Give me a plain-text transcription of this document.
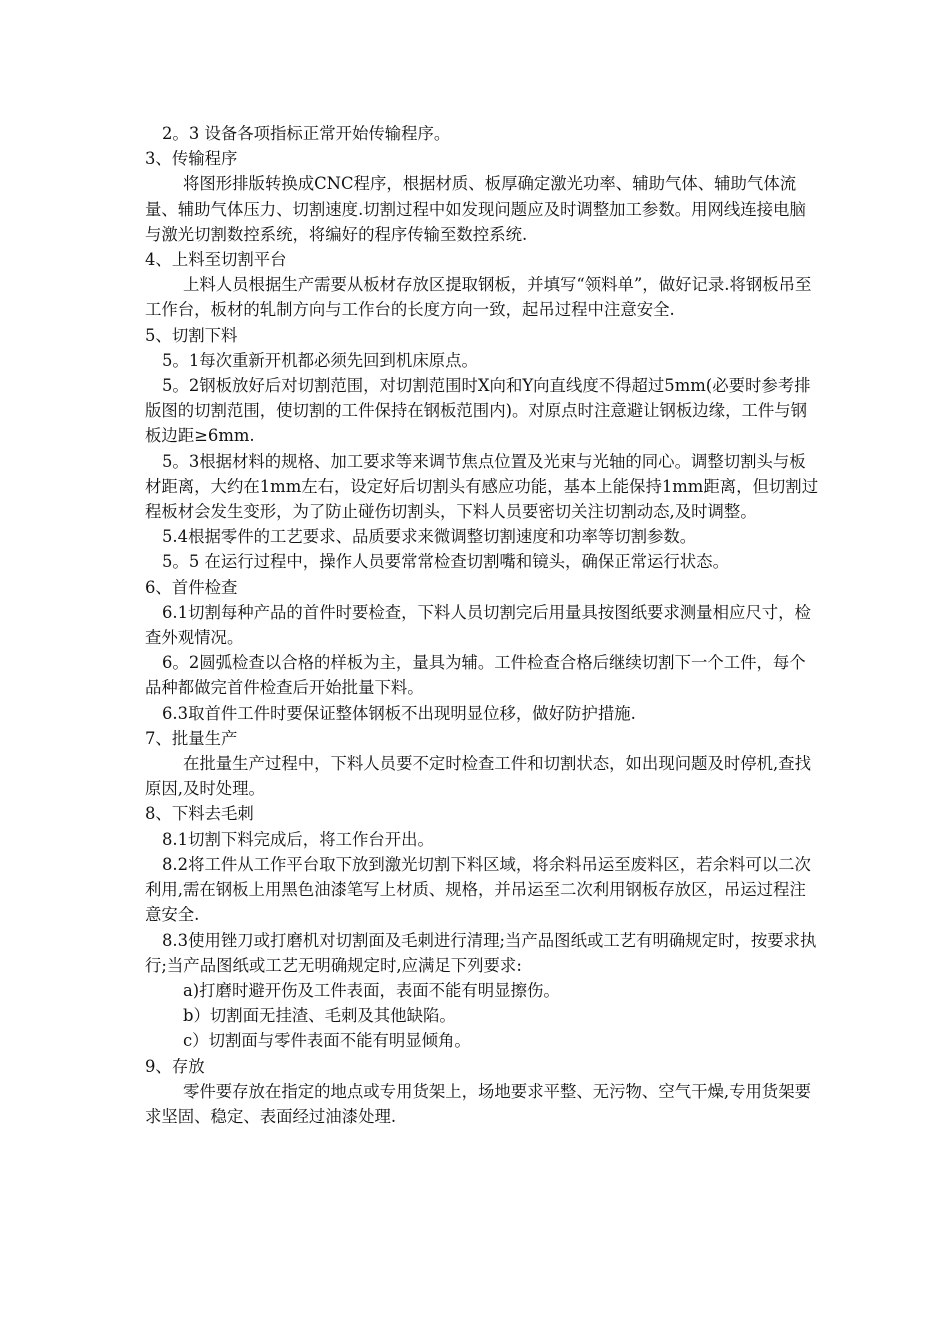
2。3 设备各项指标正常开始传输程序。

3、传输程序

将图形排版转换成CNC程序，根据材质、板厚确定激光功率、辅助气体、辅助气体流量、辅助气体压力、切割速度.切割过程中如发现问题应及时调整加工参数。用网线连接电脑与激光切割数控系统，将编好的程序传输至数控系统.

4、上料至切割平台

上料人员根据生产需要从板材存放区提取钢板，并填写“领料单”，做好记录.将钢板吊至工作台，板材的轧制方向与工作台的长度方向一致，起吊过程中注意安全.

5、切割下料

5。1每次重新开机都必须先回到机床原点。

5。2钢板放好后对切割范围，对切割范围时X向和Y向直线度不得超过5mm(必要时参考排版图的切割范围，使切割的工件保持在钢板范围内)。对原点时注意避让钢板边缘，工件与钢板边距≥6mm.

5。3根据材料的规格、加工要求等来调节焦点位置及光束与光轴的同心。调整切割头与板材距离，大约在1mm左右，设定好后切割头有感应功能，基本上能保持1mm距离，但切割过程板材会发生变形，为了防止碰伤切割头，下料人员要密切关注切割动态,及时调整。

5.4根据零件的工艺要求、品质要求来微调整切割速度和功率等切割参数。

5。5 在运行过程中，操作人员要常常检查切割嘴和镜头，确保正常运行状态。

6、首件检查

6.1切割每种产品的首件时要检查，下料人员切割完后用量具按图纸要求测量相应尺寸，检查外观情况。

6。2圆弧检查以合格的样板为主，量具为辅。工件检查合格后继续切割下一个工件，每个品种都做完首件检查后开始批量下料。

6.3取首件工件时要保证整体钢板不出现明显位移，做好防护措施.

7、批量生产

在批量生产过程中，下料人员要不定时检查工件和切割状态，如出现问题及时停机,查找原因,及时处理。

8、下料去毛刺

8.1切割下料完成后，将工作台开出。

8.2将工件从工作平台取下放到激光切割下料区域，将余料吊运至废料区，若余料可以二次利用,需在钢板上用黑色油漆笔写上材质、规格，并吊运至二次利用钢板存放区，吊运过程注意安全.

8.3使用锉刀或打磨机对切割面及毛刺进行清理;当产品图纸或工艺有明确规定时，按要求执行;当产品图纸或工艺无明确规定时,应满足下列要求:

a)打磨时避开伤及工件表面，表面不能有明显擦伤。

b）切割面无挂渣、毛刺及其他缺陷。

c）切割面与零件表面不能有明显倾角。

9、存放

零件要存放在指定的地点或专用货架上，场地要求平整、无污物、空气干燥,专用货架要求坚固、稳定、表面经过油漆处理.
